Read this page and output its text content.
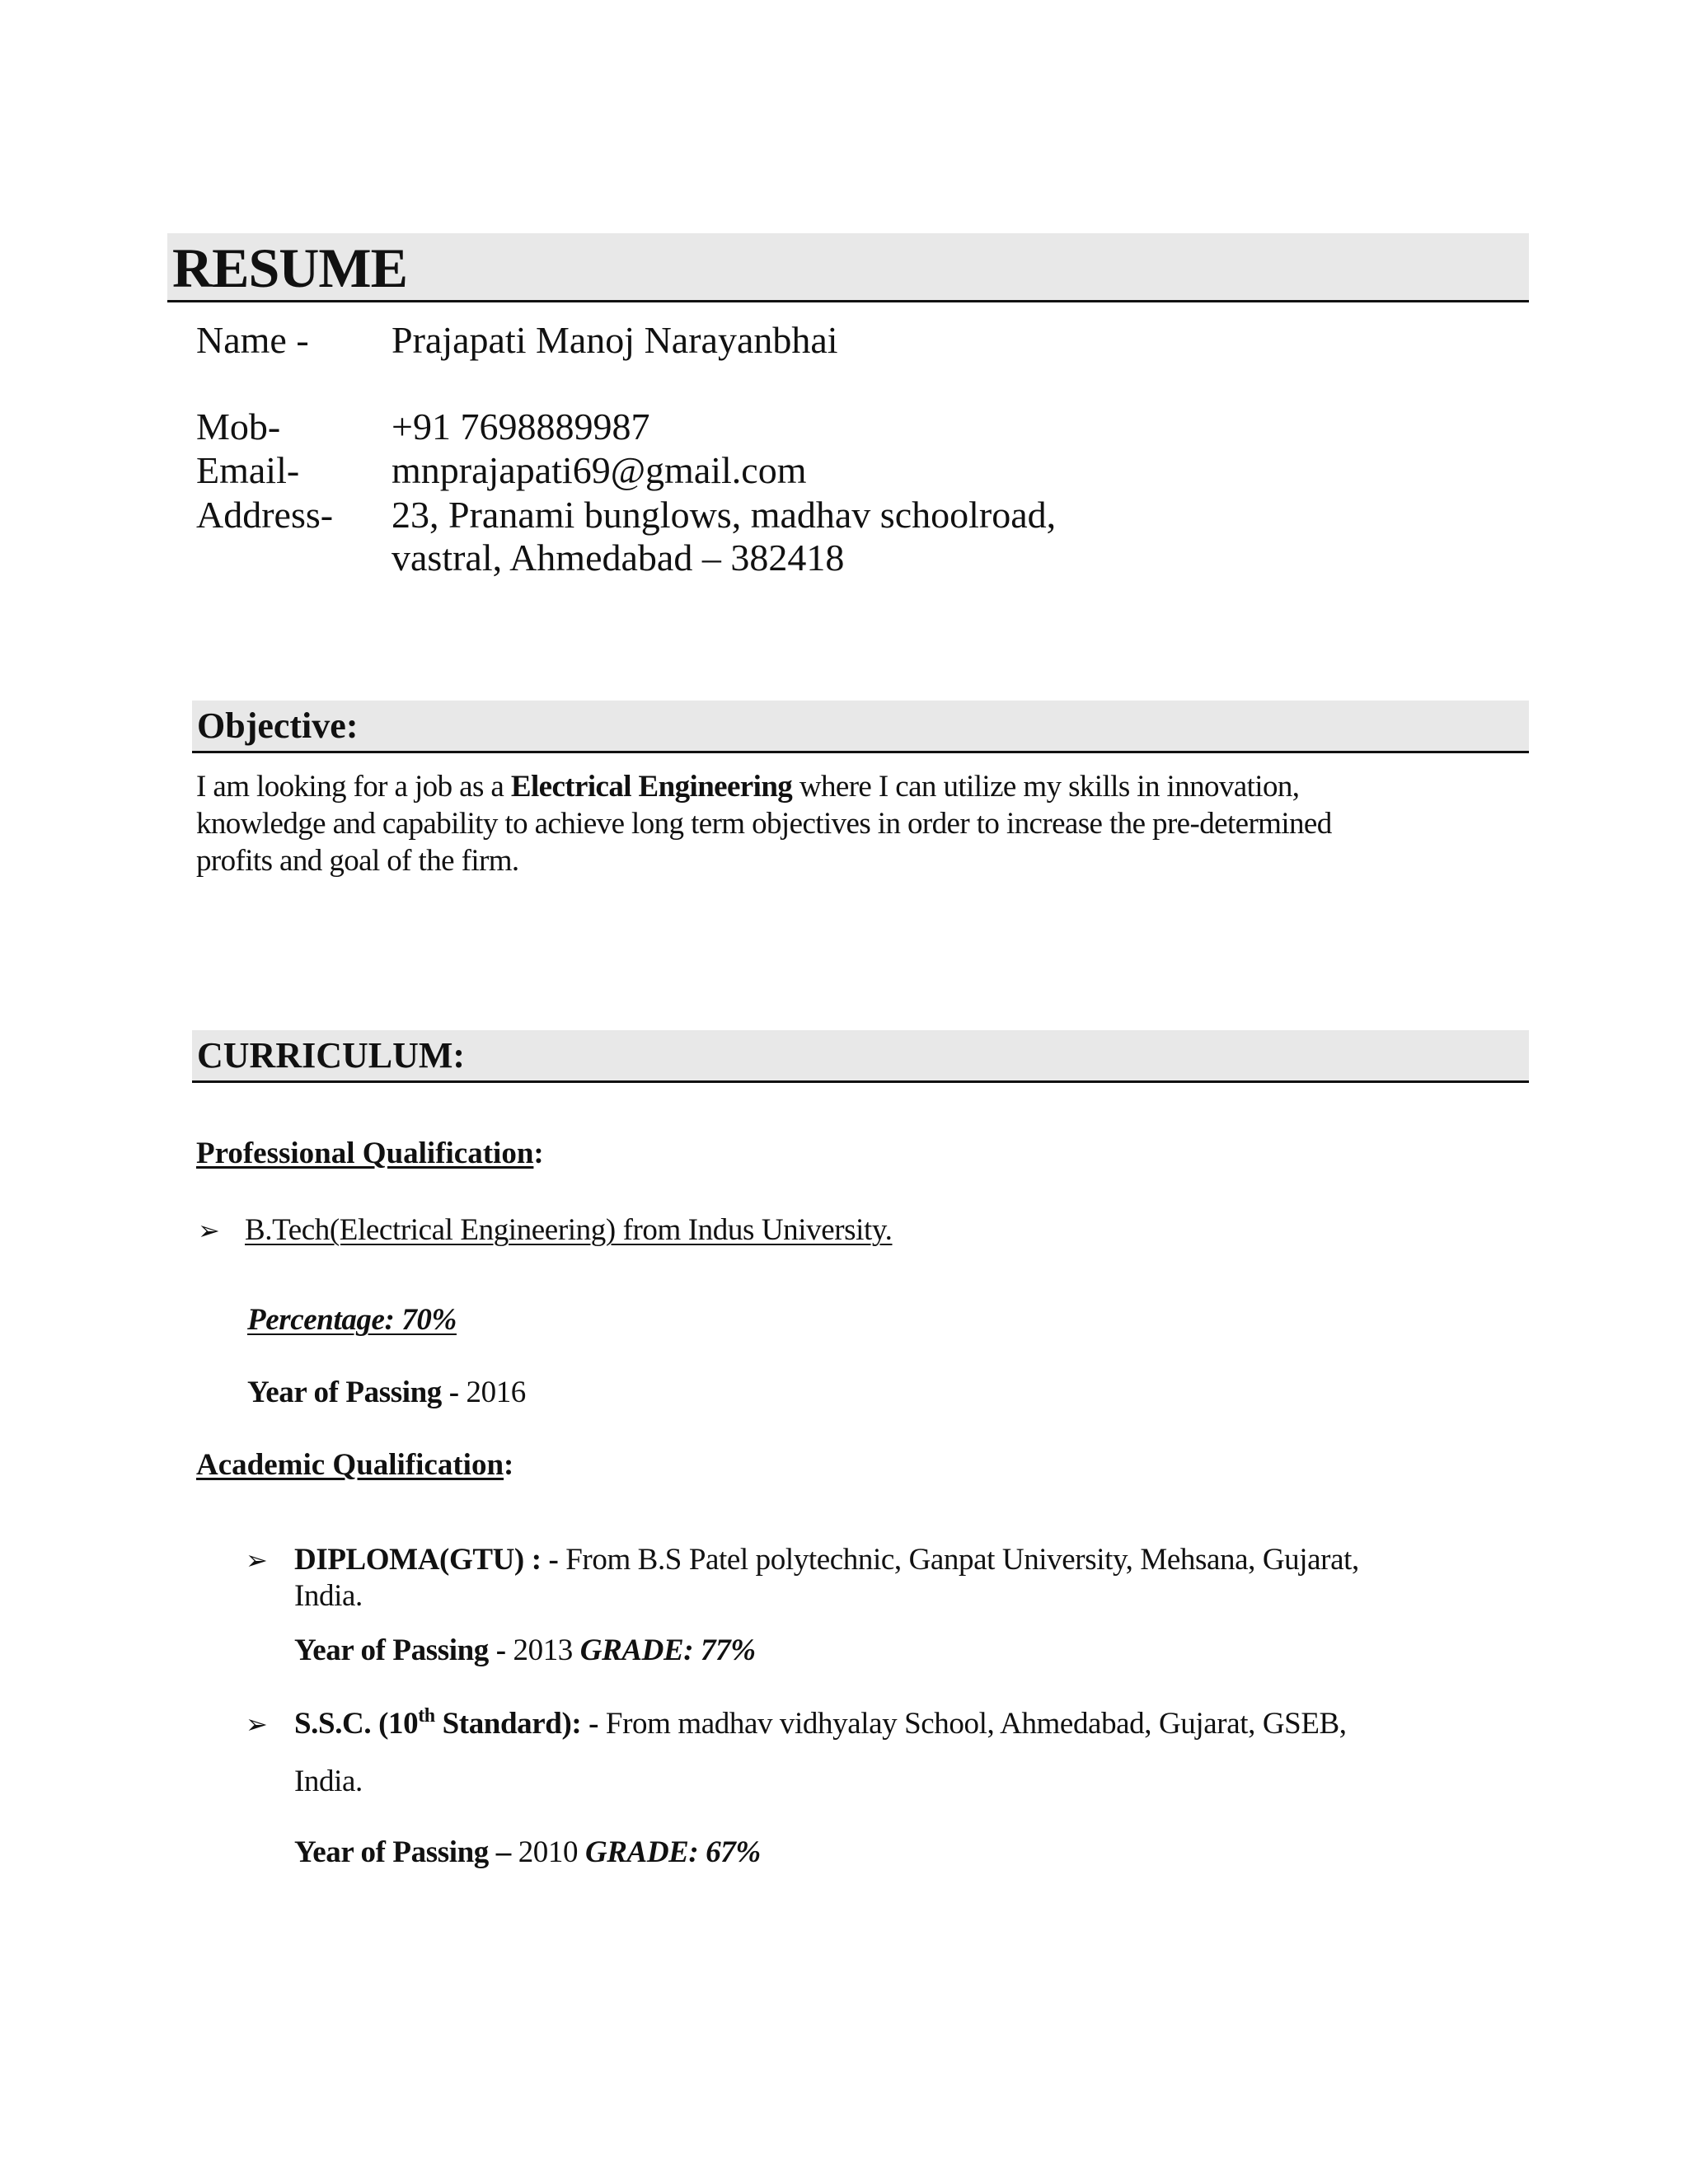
RESUME
Name - Prajapati Manoj Narayanbhai
Mob-	+91 7698889987
Email- mnprajapati69@gmail.com
Address- 23, Pranami bunglows, madhav schoolroad,
vastral, Ahmedabad – 382418
Objective:
I am looking for a job as a Electrical Engineering where I can utilize my skills in innovation,
knowledge and capability to achieve long term objectives in order to increase the pre-determined
profits and goal of the firm.
CURRICULUM:
Professional Qualification:
➢ B.Tech(Electrical Engineering) from Indus University.
Percentage: 70%
Year of Passing - 2016
Academic Qualification:
➢ DIPLOMA(GTU) : - From B.S Patel polytechnic, Ganpat University, Mehsana, Gujarat,
India.
Year of Passing - 2013 GRADE: 77%
➢ S.S.C. (10th Standard): - From madhav vidhyalay School, Ahmedabad, Gujarat, GSEB,
India.
Year of Passing – 2010 GRADE: 67%
